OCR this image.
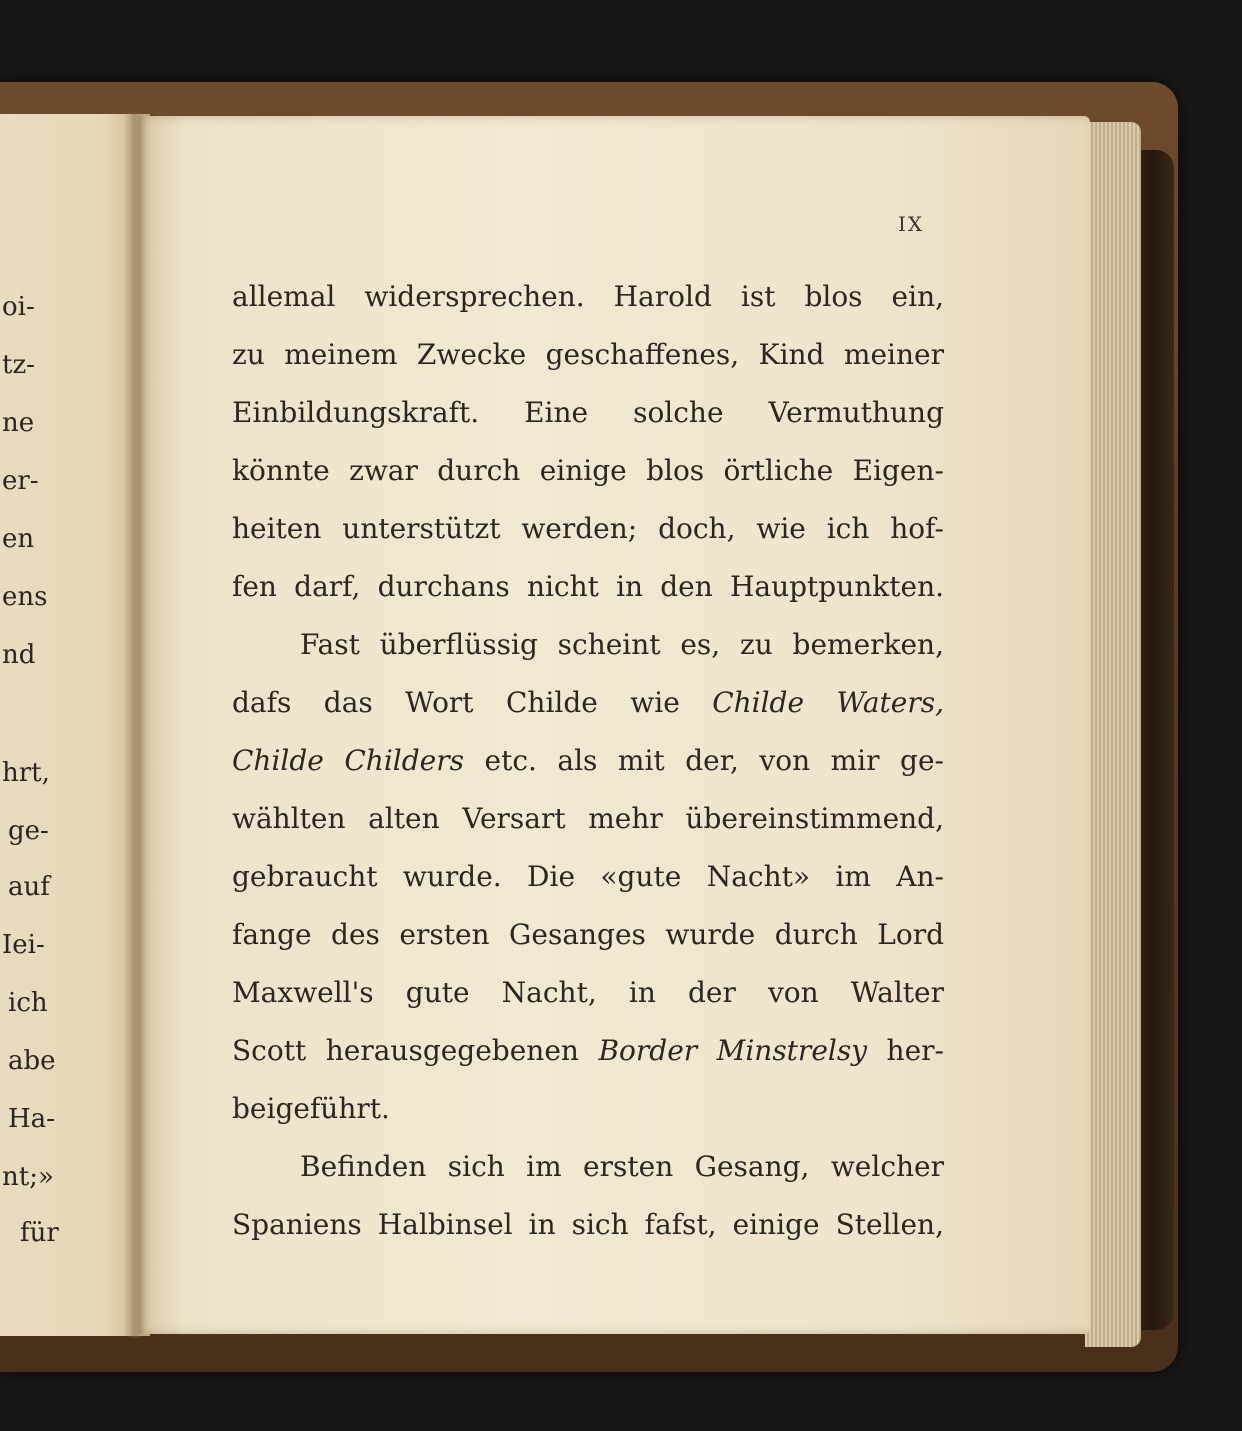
oi-
tz-
ne
er-
en
ens
nd
hrt,
ge-
auf
Iei-
ich
abe
Ha-
nt;»
für
IX
allemal widersprechen. Harold ist blos ein,
zu meinem Zwecke geschaffenes, Kind meiner
Einbildungskraft. Eine solche Vermuthung
könnte zwar durch einige blos örtliche Eigen-
heiten unterstützt werden; doch, wie ich hof-
fen darf, durchans nicht in den Hauptpunkten.
Fast überflüssig scheint es, zu bemerken,
dafs das Wort Childe wie Childe Waters,
Childe Childers etc. als mit der, von mir ge-
wählten alten Versart mehr übereinstimmend,
gebraucht wurde. Die «gute Nacht» im An-
fange des ersten Gesanges wurde durch Lord
Maxwell's gute Nacht, in der von Walter
Scott herausgegebenen Border Minstrelsy her-
beigeführt.
Befinden sich im ersten Gesang, welcher
Spaniens Halbinsel in sich fafst, einige Stellen,
